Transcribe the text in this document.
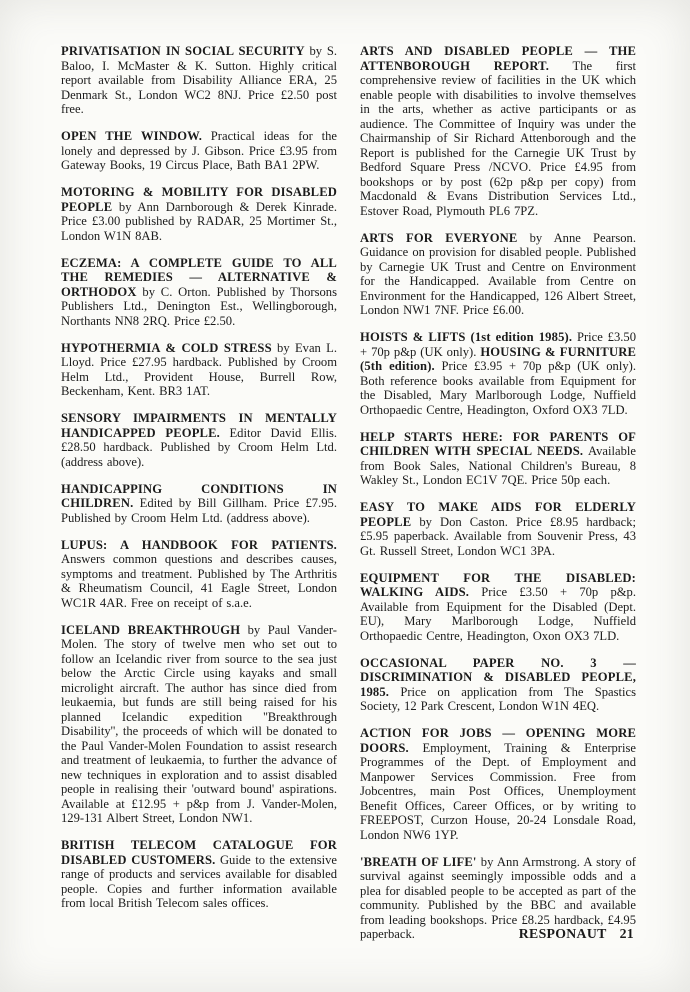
PRIVATISATION IN SOCIAL SECURITY by S. Baloo, I. McMaster & K. Sutton. Highly critical report available from Disability Alliance ERA, 25 Denmark St., London WC2 8NJ. Price £2.50 post free.

OPEN THE WINDOW. Practical ideas for the lonely and depressed by J. Gibson. Price £3.95 from Gateway Books, 19 Circus Place, Bath BA1 2PW.

MOTORING & MOBILITY FOR DISABLED PEOPLE by Ann Darnborough & Derek Kinrade. Price £3.00 published by RADAR, 25 Mortimer St., London W1N 8AB.

ECZEMA: A COMPLETE GUIDE TO ALL THE REMEDIES — ALTERNATIVE & ORTHODOX by C. Orton. Published by Thorsons Publishers Ltd., Denington Est., Wellingborough, Northants NN8 2RQ. Price £2.50.

HYPOTHERMIA & COLD STRESS by Evan L. Lloyd. Price £27.95 hardback. Published by Croom Helm Ltd., Provident House, Burrell Row, Beckenham, Kent. BR3 1AT.

SENSORY IMPAIRMENTS IN MENTALLY HANDICAPPED PEOPLE. Editor David Ellis. £28.50 hardback. Published by Croom Helm Ltd. (address above).

HANDICAPPING CONDITIONS IN CHILDREN. Edited by Bill Gillham. Price £7.95. Published by Croom Helm Ltd. (address above).

LUPUS: A HANDBOOK FOR PATIENTS. Answers common questions and describes causes, symptoms and treatment. Published by The Arthritis & Rheumatism Council, 41 Eagle Street, London WC1R 4AR. Free on receipt of s.a.e.

ICELAND BREAKTHROUGH by Paul Vander-Molen. The story of twelve men who set out to follow an Icelandic river from source to the sea just below the Arctic Circle using kayaks and small microlight aircraft. The author has since died from leukaemia, but funds are still being raised for his planned Icelandic expedition ''Breakthrough Disability'', the proceeds of which will be donated to the Paul Vander-Molen Foundation to assist research and treatment of leukaemia, to further the advance of new techniques in exploration and to assist disabled people in realising their 'outward bound' aspirations. Available at £12.95 + p&p from J. Vander-Molen, 129-131 Albert Street, London NW1.

BRITISH TELECOM CATALOGUE FOR DISABLED CUSTOMERS. Guide to the extensive range of products and services available for disabled people. Copies and further information available from local British Telecom sales offices.

ARTS AND DISABLED PEOPLE — THE ATTENBOROUGH REPORT. The first comprehensive review of facilities in the UK which enable people with disabilities to involve themselves in the arts, whether as active participants or as audience. The Committee of Inquiry was under the Chairmanship of Sir Richard Attenborough and the Report is published for the Carnegie UK Trust by Bedford Square Press /NCVO. Price £4.95 from bookshops or by post (62p p&p per copy) from Macdonald & Evans Distribution Services Ltd., Estover Road, Plymouth PL6 7PZ.

ARTS FOR EVERYONE by Anne Pearson. Guidance on provision for disabled people. Published by Carnegie UK Trust and Centre on Environment for the Handicapped. Available from Centre on Environment for the Handicapped, 126 Albert Street, London NW1 7NF. Price £6.00.

HOISTS & LIFTS (1st edition 1985). Price £3.50 + 70p p&p (UK only). HOUSING & FURNITURE (5th edition). Price £3.95 + 70p p&p (UK only). Both reference books available from Equipment for the Disabled, Mary Marlborough Lodge, Nuffield Orthopaedic Centre, Headington, Oxford OX3 7LD.

HELP STARTS HERE: FOR PARENTS OF CHILDREN WITH SPECIAL NEEDS. Available from Book Sales, National Children's Bureau, 8 Wakley St., London EC1V 7QE. Price 50p each.

EASY TO MAKE AIDS FOR ELDERLY PEOPLE by Don Caston. Price £8.95 hardback; £5.95 paperback. Available from Souvenir Press, 43 Gt. Russell Street, London WC1 3PA.

EQUIPMENT FOR THE DISABLED: WALKING AIDS. Price £3.50 + 70p p&p. Available from Equipment for the Disabled (Dept. EU), Mary Marlborough Lodge, Nuffield Orthopaedic Centre, Headington, Oxon OX3 7LD.

OCCASIONAL PAPER NO. 3 — DISCRIMINATION & DISABLED PEOPLE, 1985. Price on application from The Spastics Society, 12 Park Crescent, London W1N 4EQ.

ACTION FOR JOBS — OPENING MORE DOORS. Employment, Training & Enterprise Programmes of the Dept. of Employment and Manpower Services Commission. Free from Jobcentres, main Post Offices, Unemployment Benefit Offices, Career Offices, or by writing to FREEPOST, Curzon House, 20-24 Lonsdale Road, London NW6 1YP.

'BREATH OF LIFE' by Ann Armstrong. A story of survival against seemingly impossible odds and a plea for disabled people to be accepted as part of the community. Published by the BBC and available from leading bookshops. Price £8.25 hardback, £4.95 paperback.	RESPONAUT 21
